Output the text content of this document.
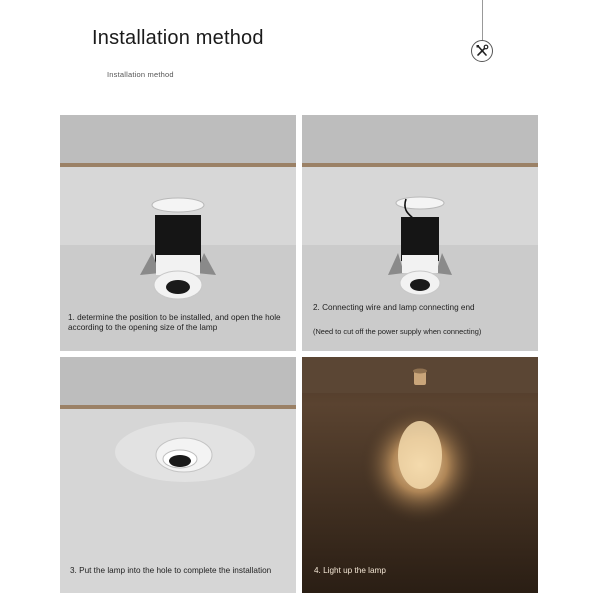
Installation method
Installation method
1. determine the position to be installed, and open the hole according to the opening size of the lamp
2. Connecting wire and lamp connecting end
(Need to cut off the power supply when connecting)
3. Put the lamp into the hole to complete the installation	4. Light up the lamp
